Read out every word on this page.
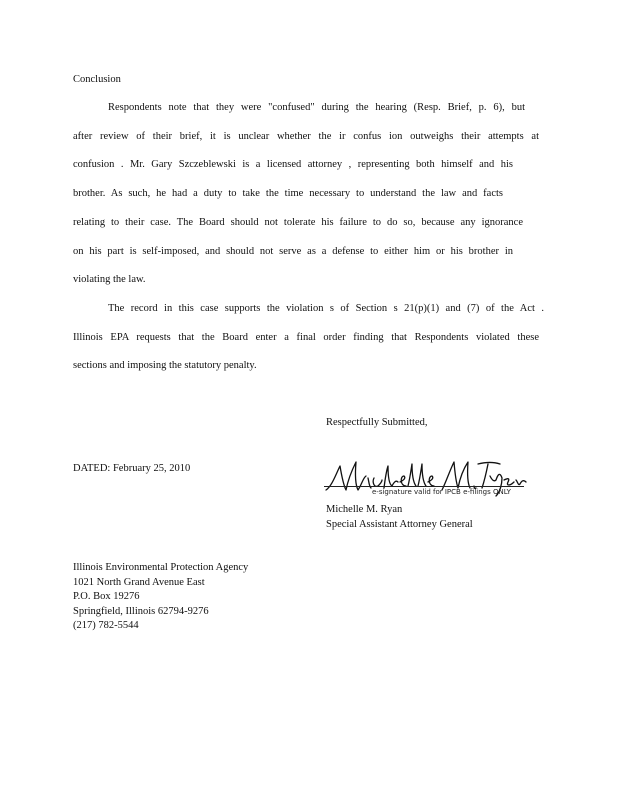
Conclusion
Respondents note that they were "confused" during the hearing (Resp. Brief, p. 6), but
after review of their brief, it is unclear whether the ir confus ion outweighs their attempts at
confusion . Mr. Gary Szczeblewski is a licensed attorney , representing both himself and his
brother. As such, he had a duty to take the time necessary to understand the law and facts
relating to their case. The Board should not tolerate his failure to do so, because any ignorance
on his part is self-imposed, and should not serve as a defense to either him or his brother in
violating the law.
The record in this case supports the violation s of Section s 21(p)(1) and (7) of the Act .
Illinois EPA requests that the Board enter a final order finding that Respondents violated these
sections and imposing the statutory penalty.
Respectfully Submitted,
DATED: February 25, 2010
e-signature valid for IPCB e-filings ONLY
Michelle M. Ryan
Special Assistant Attorney General
Illinois Environmental Protection Agency
1021 North Grand Avenue East
P.O. Box 19276
Springfield, Illinois 62794-9276
(217) 782-5544
